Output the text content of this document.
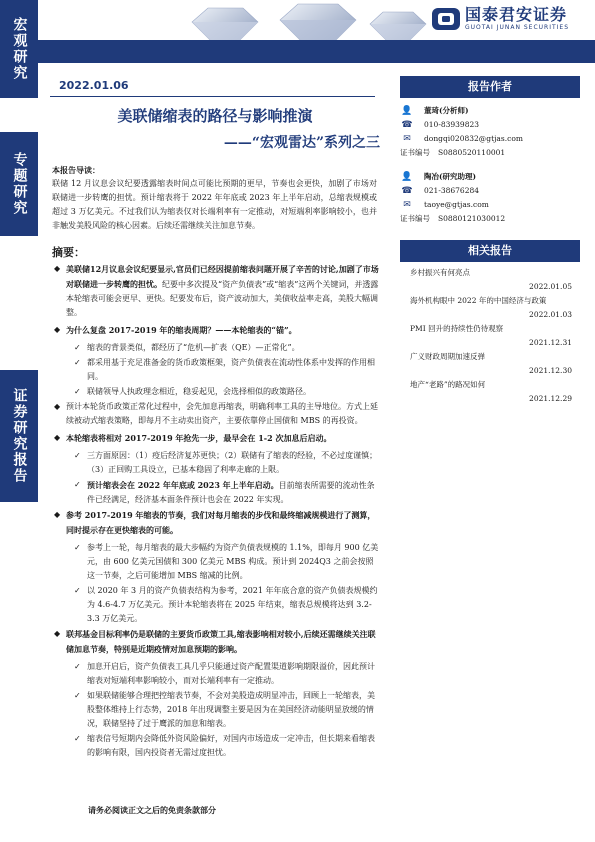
宏观研究
专题研究
证券研究报告
国泰君安证券
GUOTAI JUNAN SECURITIES
2022.01.06
美联储缩表的路径与影响推演
——“宏观雷达”系列之三
本报告导读：
联储 12 月议息会议纪要透露缩表时间点可能比预期的更早，节奏也会更快，加剧了市场对联储进一步转鹰的担忧。预计缩表将于 2022 年年底或 2023 年上半年启动，总缩表规模或超过 3 万亿美元。不过我们认为缩表仅对长端利率有一定推动，对短端利率影响较小，也并非触发美股风险的核心因素。后续还需继续关注加息节奏。
摘要：
◆ 美联储12月议息会议纪要显示,官员们已经因提前缩表问题开展了辛苦的讨论,加剧了市场对联储进一步转鹰的担忧。纪要中多次提及“资产负债表”或“缩表”这两个关键词，并透露本轮缩表可能会更早、更快。纪要发布后，资产波动加大，美债收益率走高，美股大幅调整。
◆ 为什么复盘 2017-2019 年的缩表周期？——本轮缩表的“锚”。
✓ 缩表的背景类似，都经历了“危机—扩表（QE）—正常化”。
✓ 都采用基于充足准备金的货币政策框架，资产负债表在流动性体系中发挥的作用相同。
✓ 联储领导人执政理念相近，稳妥起见，会选择相似的政策路径。
◆ 预计本轮货币政策正常化过程中，会先加息再缩表，明确利率工具的主导地位。方式上延续被动式缩表策略，即每月不主动卖出资产，主要依靠停止国债和 MBS 的再投资。
◆ 本轮缩表将相对 2017-2019 年抢先一步，最早会在 1-2 次加息后启动。
✓ 三方面原因：（1）疫后经济复苏更快；（2）联储有了缩表的经验，不必过度谨慎；（3）正回购工具设立，已基本稳固了利率走廊的上限。
✓ 预计缩表会在 2022 年年底或 2023 年上半年启动。目前缩表所需要的流动性条件已经满足，经济基本面条件预计也会在 2022 年实现。
◆ 参考 2017-2019 年缩表的节奏，我们对每月缩表的步伐和最终缩减规模进行了测算，同时提示存在更快缩表的可能。
✓ 参考上一轮，每月缩表的最大步幅约为资产负债表规模的 1.1%，即每月 900 亿美元，由 600 亿美元国债和 300 亿美元 MBS 构成。预计到 2024Q3 之前会按照这一节奏，之后可能增加 MBS 缩减的比例。
✓ 以 2020 年 3 月的资产负债表结构为参考，2021 年年底合意的资产负债表规模约为 4.6-4.7 万亿美元。预计本轮缩表将在 2025 年结束，缩表总规模将达到 3.2-3.3 万亿美元。
◆ 联邦基金目标利率仍是联储的主要货币政策工具,缩表影响相对较小,后续还需继续关注联储加息节奏，特别是近期疫情对加息预期的影响。
✓ 加息开启后，资产负债表工具几乎只能通过资产配置渠道影响期限溢价，因此预计缩表对短端利率影响较小，而对长端利率有一定推动。
✓ 如果联储能够合理把控缩表节奏，不会对美股造成明显冲击，回顾上一轮缩表，美股整体维持上行态势，2018 年出现调整主要是因为在美国经济动能明显放缓的情况，联储坚持了过于鹰派的加息和缩表。
✓ 缩表信号短期内会降低外资风险偏好，对国内市场造成一定冲击，但长期来看缩表的影响有限，国内投资者无需过度担忧。
请务必阅读正文之后的免责条款部分
报告作者
👤 董琦(分析师)
☎ 010-83939823
✉	dongqi020832@gtjas.com
证书编号 S0880520110001
👤 陶冶(研究助理)
☎ 021-38676284
✉	taoye@gtjas.com
证书编号 S0880121030012
相关报告
乡村振兴有何亮点
2022.01.05
海外机构眼中 2022 年的中国经济与政策
2022.01.03
PMI 回升的持续性仍待观察
2021.12.31
广义财政周期加速反弹
2021.12.30
地产“老路”的路况如何
2021.12.29
